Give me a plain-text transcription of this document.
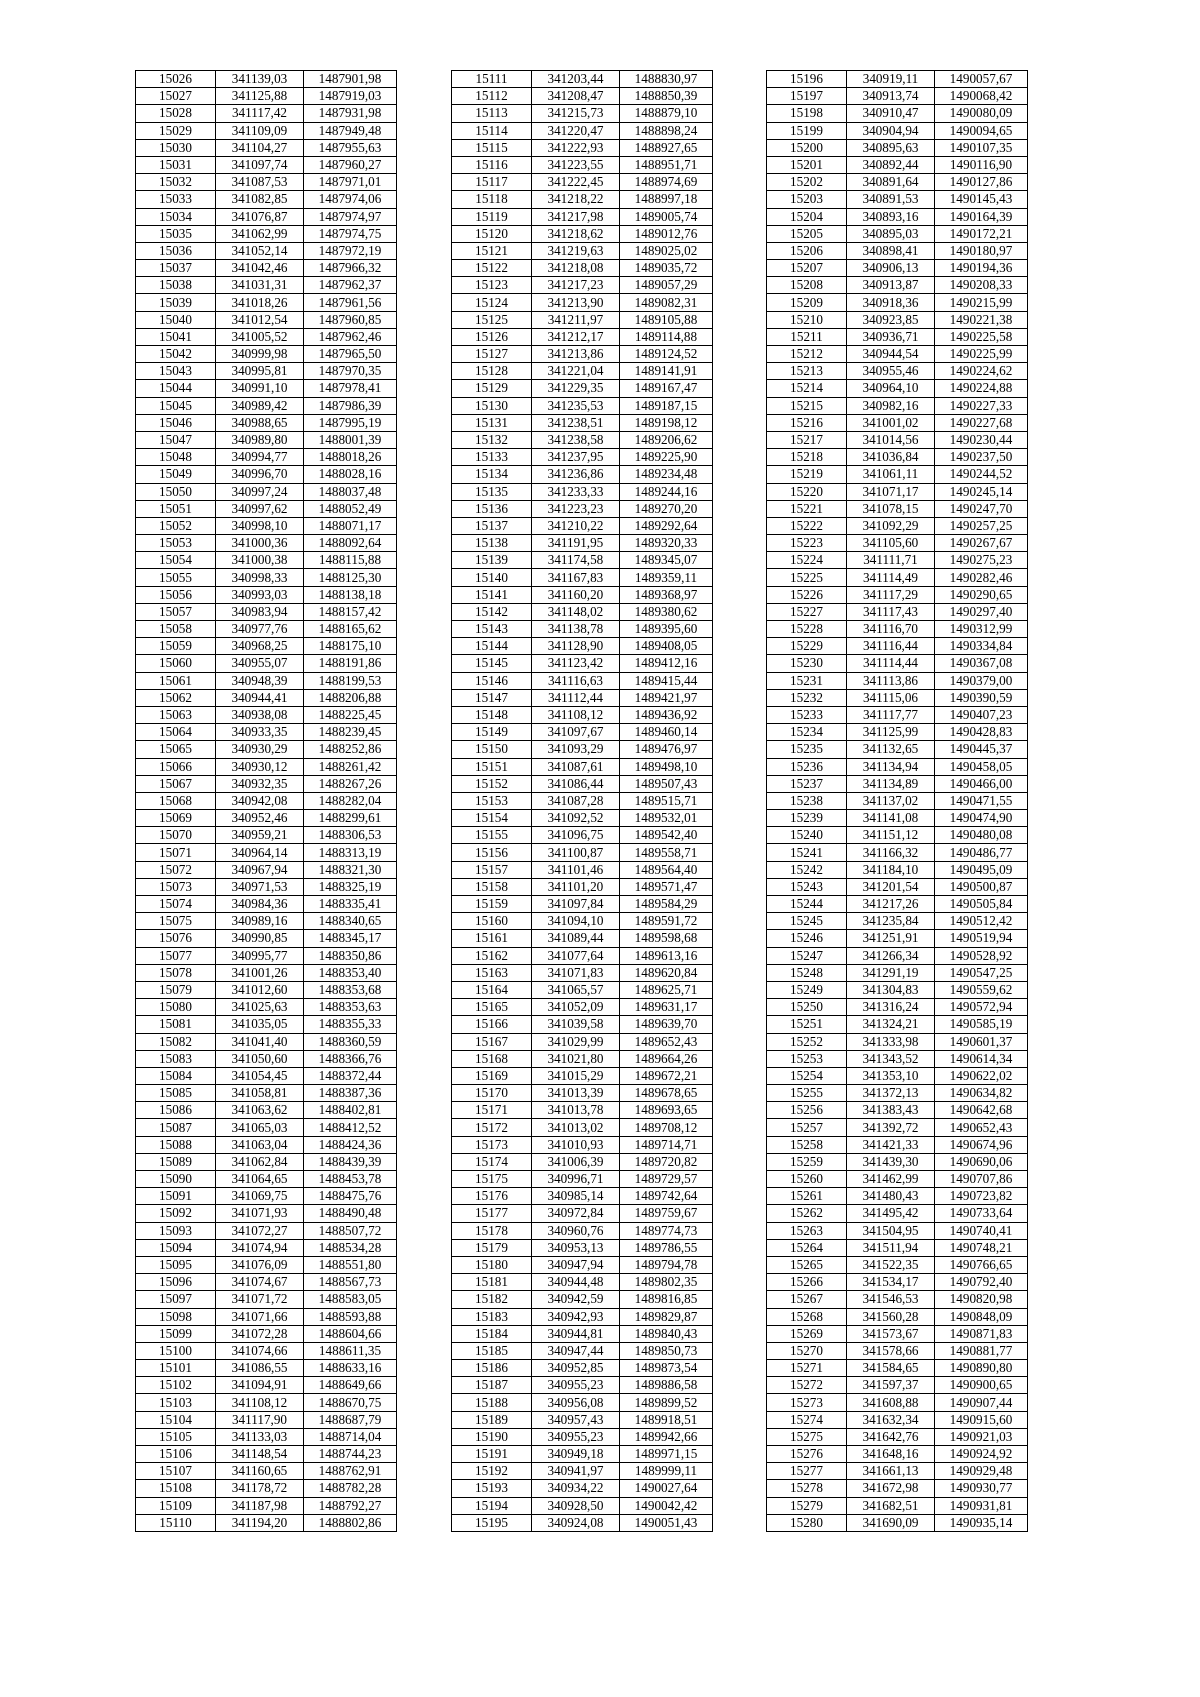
15026	341139,03	1487901,98
15027	341125,88	1487919,03
15028	341117,42	1487931,98
15029	341109,09	1487949,48
15030	341104,27	1487955,63
15031	341097,74	1487960,27
15032	341087,53	1487971,01
15033	341082,85	1487974,06
15034	341076,87	1487974,97
15035	341062,99	1487974,75
15036	341052,14	1487972,19
15037	341042,46	1487966,32
15038	341031,31	1487962,37
15039	341018,26	1487961,56
15040	341012,54	1487960,85
15041	341005,52	1487962,46
15042	340999,98	1487965,50
15043	340995,81	1487970,35
15044	340991,10	1487978,41
15045	340989,42	1487986,39
15046	340988,65	1487995,19
15047	340989,80	1488001,39
15048	340994,77	1488018,26
15049	340996,70	1488028,16
15050	340997,24	1488037,48
15051	340997,62	1488052,49
15052	340998,10	1488071,17
15053	341000,36	1488092,64
15054	341000,38	1488115,88
15055	340998,33	1488125,30
15056	340993,03	1488138,18
15057	340983,94	1488157,42
15058	340977,76	1488165,62
15059	340968,25	1488175,10
15060	340955,07	1488191,86
15061	340948,39	1488199,53
15062	340944,41	1488206,88
15063	340938,08	1488225,45
15064	340933,35	1488239,45
15065	340930,29	1488252,86
15066	340930,12	1488261,42
15067	340932,35	1488267,26
15068	340942,08	1488282,04
15069	340952,46	1488299,61
15070	340959,21	1488306,53
15071	340964,14	1488313,19
15072	340967,94	1488321,30
15073	340971,53	1488325,19
15074	340984,36	1488335,41
15075	340989,16	1488340,65
15076	340990,85	1488345,17
15077	340995,77	1488350,86
15078	341001,26	1488353,40
15079	341012,60	1488353,68
15080	341025,63	1488353,63
15081	341035,05	1488355,33
15082	341041,40	1488360,59
15083	341050,60	1488366,76
15084	341054,45	1488372,44
15085	341058,81	1488387,36
15086	341063,62	1488402,81
15087	341065,03	1488412,52
15088	341063,04	1488424,36
15089	341062,84	1488439,39
15090	341064,65	1488453,78
15091	341069,75	1488475,76
15092	341071,93	1488490,48
15093	341072,27	1488507,72
15094	341074,94	1488534,28
15095	341076,09	1488551,80
15096	341074,67	1488567,73
15097	341071,72	1488583,05
15098	341071,66	1488593,88
15099	341072,28	1488604,66
15100	341074,66	1488611,35
15101	341086,55	1488633,16
15102	341094,91	1488649,66
15103	341108,12	1488670,75
15104	341117,90	1488687,79
15105	341133,03	1488714,04
15106	341148,54	1488744,23
15107	341160,65	1488762,91
15108	341178,72	1488782,28
15109	341187,98	1488792,27
15110	341194,20	1488802,86
15111	341203,44	1488830,97
15112	341208,47	1488850,39
15113	341215,73	1488879,10
15114	341220,47	1488898,24
15115	341222,93	1488927,65
15116	341223,55	1488951,71
15117	341222,45	1488974,69
15118	341218,22	1488997,18
15119	341217,98	1489005,74
15120	341218,62	1489012,76
15121	341219,63	1489025,02
15122	341218,08	1489035,72
15123	341217,23	1489057,29
15124	341213,90	1489082,31
15125	341211,97	1489105,88
15126	341212,17	1489114,88
15127	341213,86	1489124,52
15128	341221,04	1489141,91
15129	341229,35	1489167,47
15130	341235,53	1489187,15
15131	341238,51	1489198,12
15132	341238,58	1489206,62
15133	341237,95	1489225,90
15134	341236,86	1489234,48
15135	341233,33	1489244,16
15136	341223,23	1489270,20
15137	341210,22	1489292,64
15138	341191,95	1489320,33
15139	341174,58	1489345,07
15140	341167,83	1489359,11
15141	341160,20	1489368,97
15142	341148,02	1489380,62
15143	341138,78	1489395,60
15144	341128,90	1489408,05
15145	341123,42	1489412,16
15146	341116,63	1489415,44
15147	341112,44	1489421,97
15148	341108,12	1489436,92
15149	341097,67	1489460,14
15150	341093,29	1489476,97
15151	341087,61	1489498,10
15152	341086,44	1489507,43
15153	341087,28	1489515,71
15154	341092,52	1489532,01
15155	341096,75	1489542,40
15156	341100,87	1489558,71
15157	341101,46	1489564,40
15158	341101,20	1489571,47
15159	341097,84	1489584,29
15160	341094,10	1489591,72
15161	341089,44	1489598,68
15162	341077,64	1489613,16
15163	341071,83	1489620,84
15164	341065,57	1489625,71
15165	341052,09	1489631,17
15166	341039,58	1489639,70
15167	341029,99	1489652,43
15168	341021,80	1489664,26
15169	341015,29	1489672,21
15170	341013,39	1489678,65
15171	341013,78	1489693,65
15172	341013,02	1489708,12
15173	341010,93	1489714,71
15174	341006,39	1489720,82
15175	340996,71	1489729,57
15176	340985,14	1489742,64
15177	340972,84	1489759,67
15178	340960,76	1489774,73
15179	340953,13	1489786,55
15180	340947,94	1489794,78
15181	340944,48	1489802,35
15182	340942,59	1489816,85
15183	340942,93	1489829,87
15184	340944,81	1489840,43
15185	340947,44	1489850,73
15186	340952,85	1489873,54
15187	340955,23	1489886,58
15188	340956,08	1489899,52
15189	340957,43	1489918,51
15190	340955,23	1489942,66
15191	340949,18	1489971,15
15192	340941,97	1489999,11
15193	340934,22	1490027,64
15194	340928,50	1490042,42
15195	340924,08	1490051,43
15196	340919,11	1490057,67
15197	340913,74	1490068,42
15198	340910,47	1490080,09
15199	340904,94	1490094,65
15200	340895,63	1490107,35
15201	340892,44	1490116,90
15202	340891,64	1490127,86
15203	340891,53	1490145,43
15204	340893,16	1490164,39
15205	340895,03	1490172,21
15206	340898,41	1490180,97
15207	340906,13	1490194,36
15208	340913,87	1490208,33
15209	340918,36	1490215,99
15210	340923,85	1490221,38
15211	340936,71	1490225,58
15212	340944,54	1490225,99
15213	340955,46	1490224,62
15214	340964,10	1490224,88
15215	340982,16	1490227,33
15216	341001,02	1490227,68
15217	341014,56	1490230,44
15218	341036,84	1490237,50
15219	341061,11	1490244,52
15220	341071,17	1490245,14
15221	341078,15	1490247,70
15222	341092,29	1490257,25
15223	341105,60	1490267,67
15224	341111,71	1490275,23
15225	341114,49	1490282,46
15226	341117,29	1490290,65
15227	341117,43	1490297,40
15228	341116,70	1490312,99
15229	341116,44	1490334,84
15230	341114,44	1490367,08
15231	341113,86	1490379,00
15232	341115,06	1490390,59
15233	341117,77	1490407,23
15234	341125,99	1490428,83
15235	341132,65	1490445,37
15236	341134,94	1490458,05
15237	341134,89	1490466,00
15238	341137,02	1490471,55
15239	341141,08	1490474,90
15240	341151,12	1490480,08
15241	341166,32	1490486,77
15242	341184,10	1490495,09
15243	341201,54	1490500,87
15244	341217,26	1490505,84
15245	341235,84	1490512,42
15246	341251,91	1490519,94
15247	341266,34	1490528,92
15248	341291,19	1490547,25
15249	341304,83	1490559,62
15250	341316,24	1490572,94
15251	341324,21	1490585,19
15252	341333,98	1490601,37
15253	341343,52	1490614,34
15254	341353,10	1490622,02
15255	341372,13	1490634,82
15256	341383,43	1490642,68
15257	341392,72	1490652,43
15258	341421,33	1490674,96
15259	341439,30	1490690,06
15260	341462,99	1490707,86
15261	341480,43	1490723,82
15262	341495,42	1490733,64
15263	341504,95	1490740,41
15264	341511,94	1490748,21
15265	341522,35	1490766,65
15266	341534,17	1490792,40
15267	341546,53	1490820,98
15268	341560,28	1490848,09
15269	341573,67	1490871,83
15270	341578,66	1490881,77
15271	341584,65	1490890,80
15272	341597,37	1490900,65
15273	341608,88	1490907,44
15274	341632,34	1490915,60
15275	341642,76	1490921,03
15276	341648,16	1490924,92
15277	341661,13	1490929,48
15278	341672,98	1490930,77
15279	341682,51	1490931,81
15280	341690,09	1490935,14
